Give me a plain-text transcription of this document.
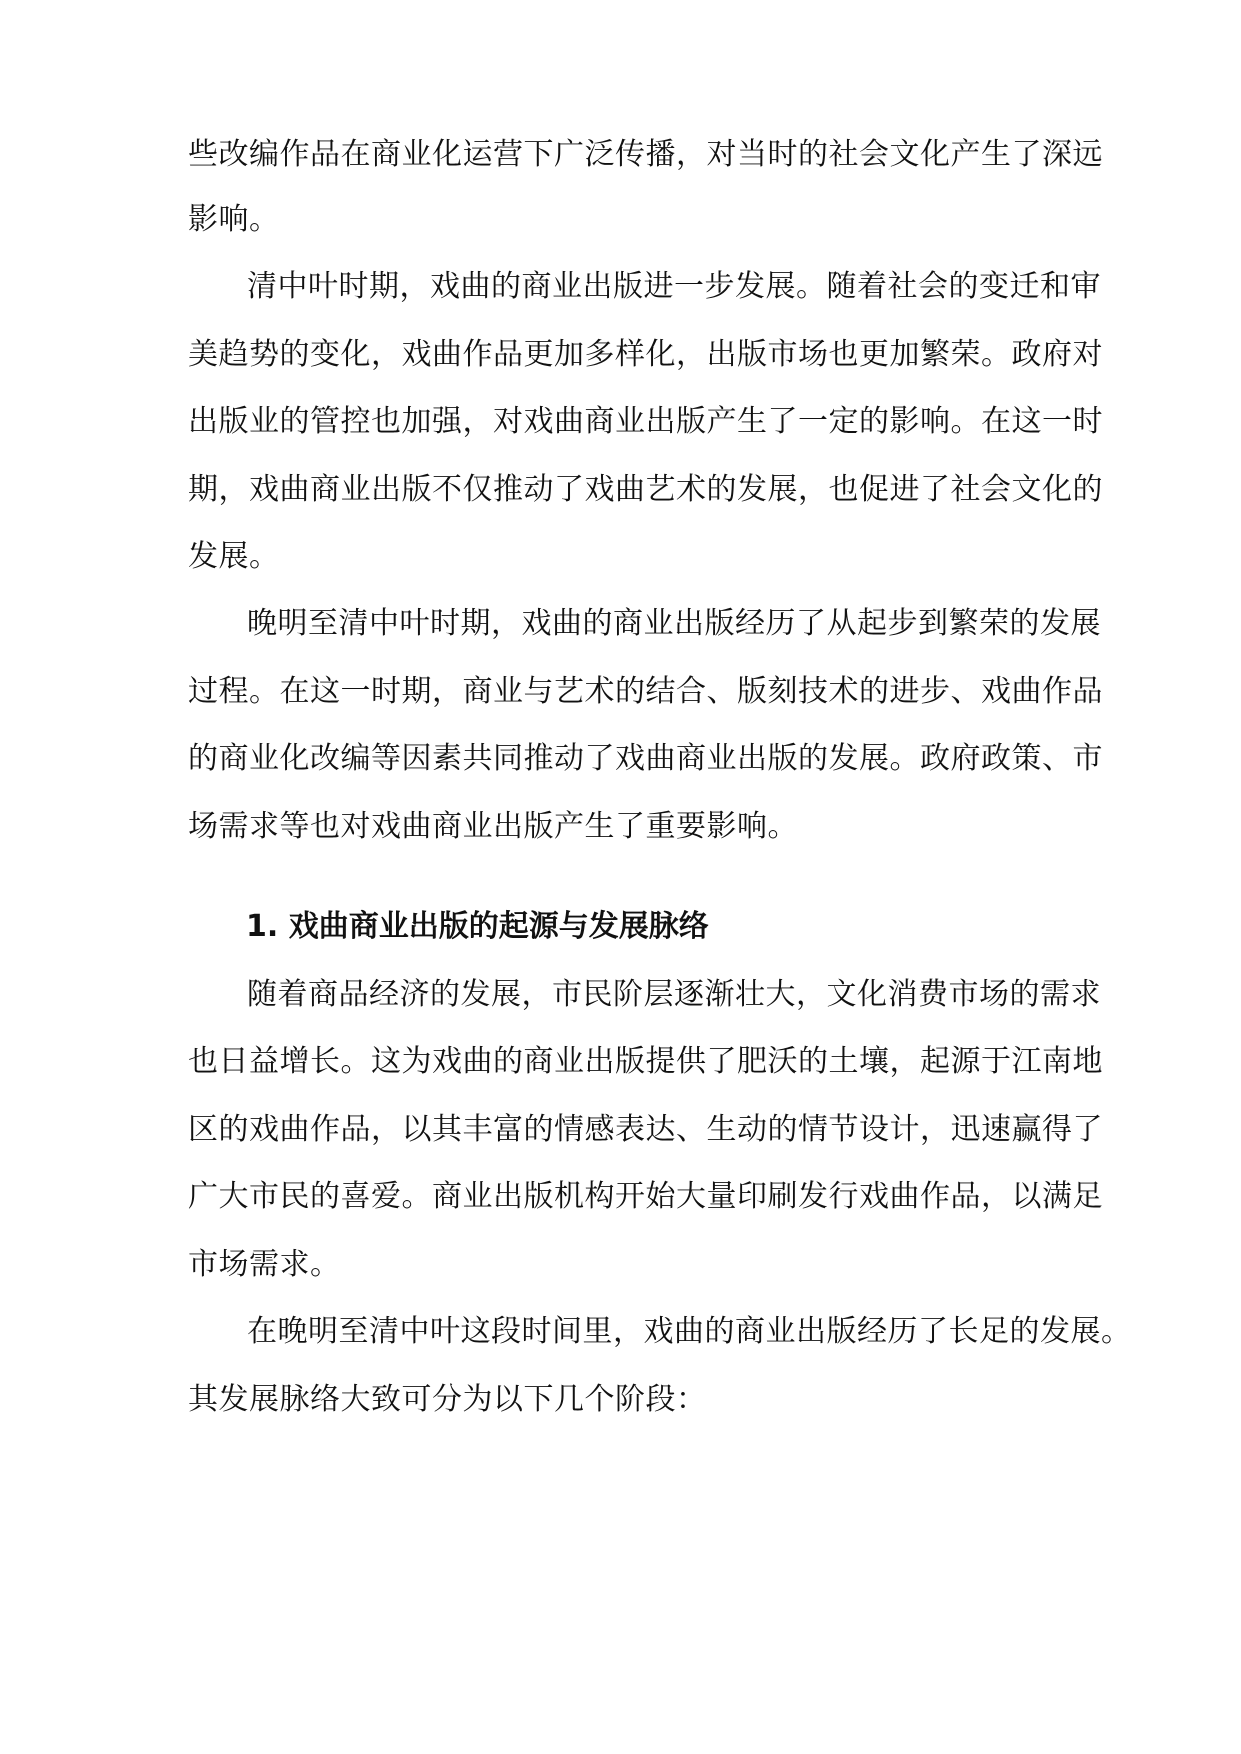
些改编作品在商业化运营下广泛传播，对当时的社会文化产生了深远
影响。
清中叶时期，戏曲的商业出版进一步发展。随着社会的变迁和审
美趋势的变化，戏曲作品更加多样化，出版市场也更加繁荣。政府对
出版业的管控也加强，对戏曲商业出版产生了一定的影响。在这一时
期，戏曲商业出版不仅推动了戏曲艺术的发展，也促进了社会文化的
发展。
晚明至清中叶时期，戏曲的商业出版经历了从起步到繁荣的发展
过程。在这一时期，商业与艺术的结合、版刻技术的进步、戏曲作品
的商业化改编等因素共同推动了戏曲商业出版的发展。政府政策、市
场需求等也对戏曲商业出版产生了重要影响。
1. 戏曲商业出版的起源与发展脉络
随着商品经济的发展，市民阶层逐渐壮大，文化消费市场的需求
也日益增长。这为戏曲的商业出版提供了肥沃的土壤，起源于江南地
区的戏曲作品，以其丰富的情感表达、生动的情节设计，迅速赢得了
广大市民的喜爱。商业出版机构开始大量印刷发行戏曲作品，以满足
市场需求。
在晚明至清中叶这段时间里，戏曲的商业出版经历了长足的发展。
其发展脉络大致可分为以下几个阶段：
